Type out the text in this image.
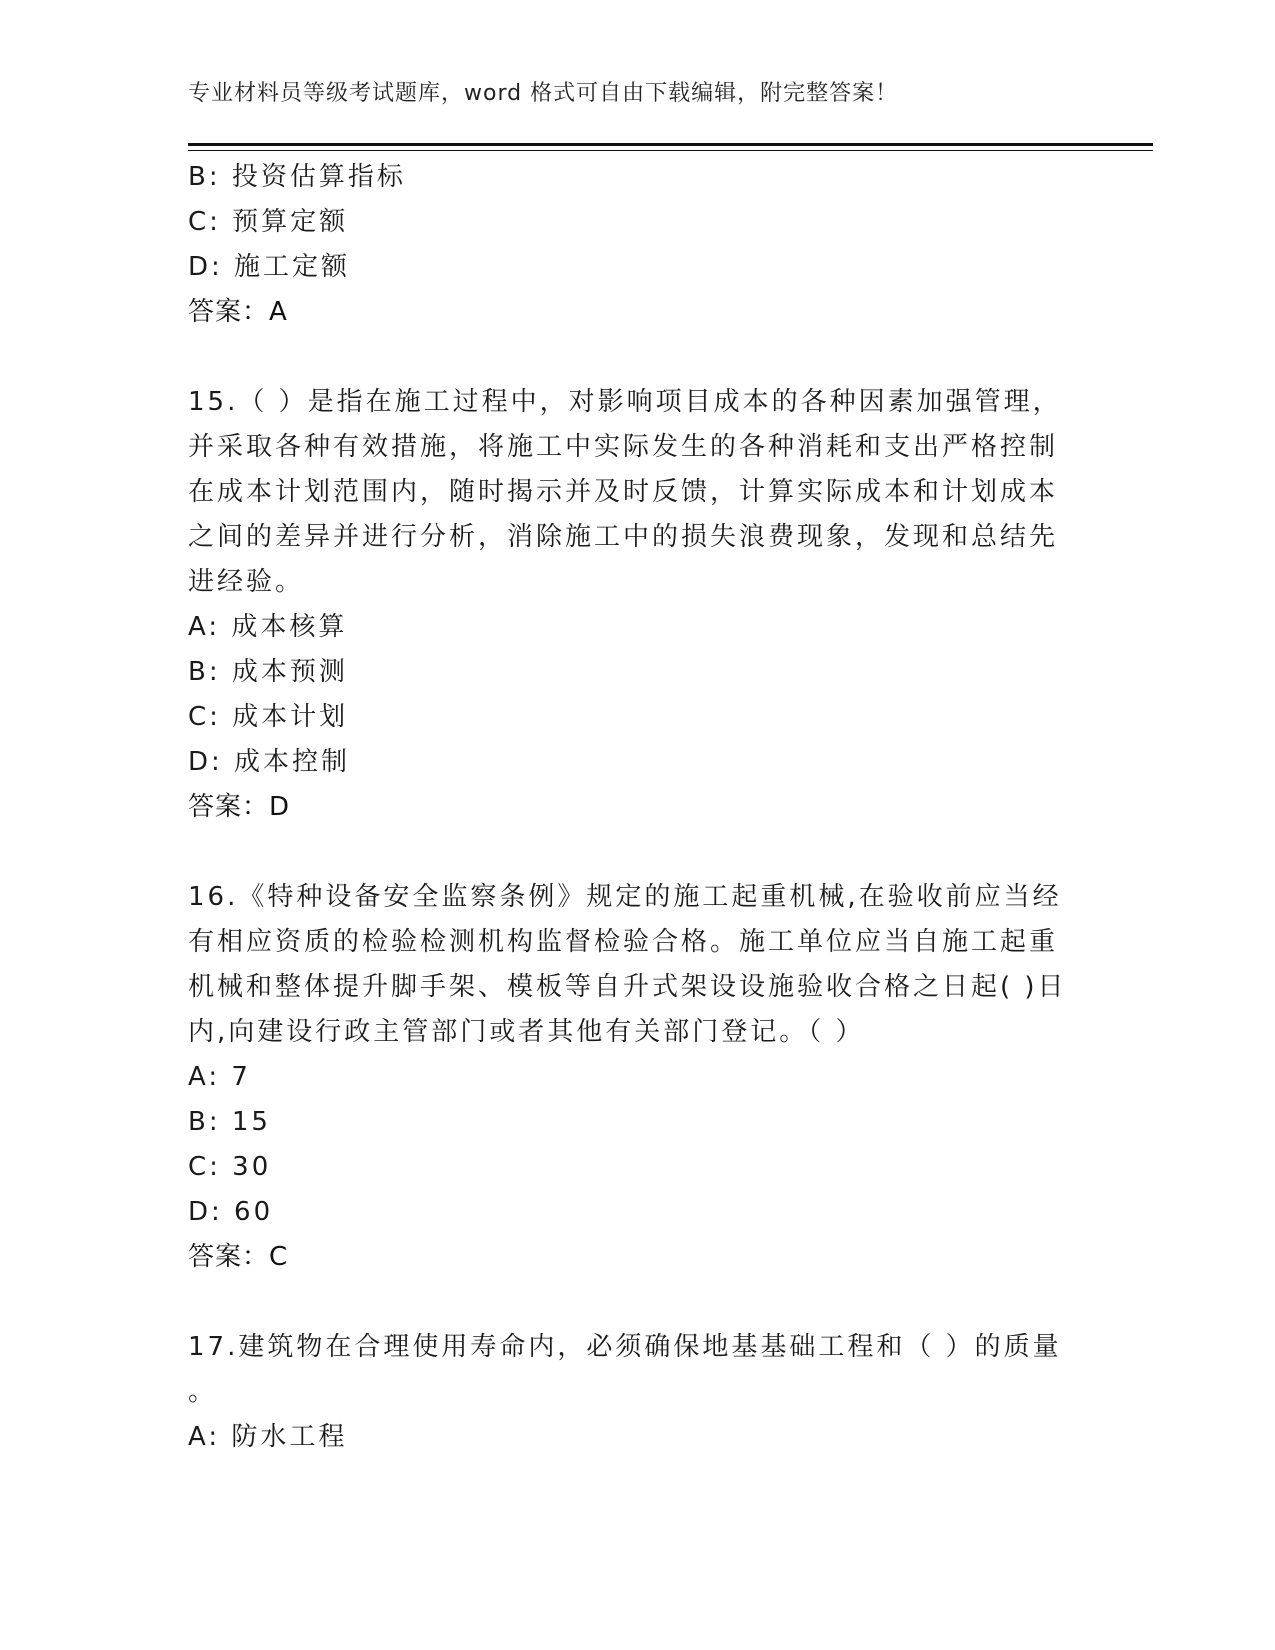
专业材料员等级考试题库，word 格式可自由下载编辑，附完整答案！
B: 投资估算指标
C: 预算定额
D: 施工定额
答案：A
15.（ ）是指在施工过程中，对影响项目成本的各种因素加强管理，
并采取各种有效措施，将施工中实际发生的各种消耗和支出严格控制
在成本计划范围内，随时揭示并及时反馈，计算实际成本和计划成本
之间的差异并进行分析，消除施工中的损失浪费现象，发现和总结先
进经验。
A: 成本核算
B: 成本预测
C: 成本计划
D: 成本控制
答案：D
16.《特种设备安全监察条例》规定的施工起重机械,在验收前应当经
有相应资质的检验检测机构监督检验合格。施工单位应当自施工起重
机械和整体提升脚手架、模板等自升式架设设施验收合格之日起( )日
内,向建设行政主管部门或者其他有关部门登记。（ ）
A: 7
B: 15
C: 30
D: 60
答案：C
17.建筑物在合理使用寿命内，必须确保地基基础工程和（ ）的质量
。
A: 防水工程
